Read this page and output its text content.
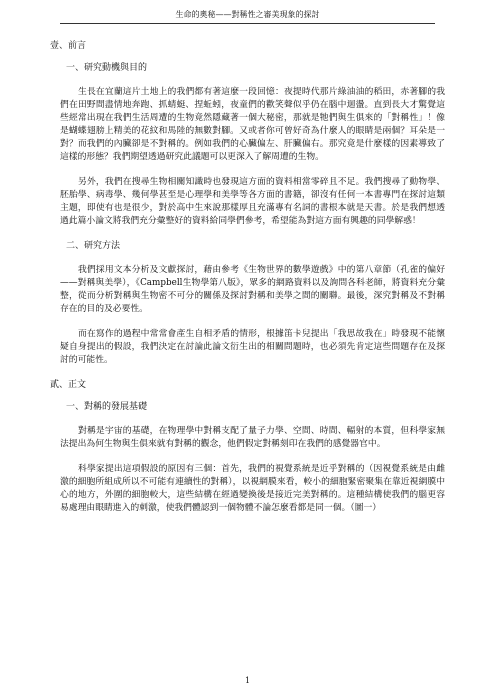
生命的奧秘——對稱性之審美現象的探討

壹、前言

一、研究動機與目的

生長在宜蘭這片土地上的我們都有著這麼一段回憶：夜提時代那片綠油油的稻田，赤著腳的我們在田野間盡情地奔跑、抓蜻蜓、捏蚯蚓，夜童們的歡笑聲似乎仍在腦中迴盪。直到長大才驚覺這些經常出現在我們生活周遭的生物竟然隱藏著一個大秘密，那就是牠們與生俱來的「對稱性」！像是蝴蝶翅膀上精美的花紋和馬陸的無數對腳。又或者你可曾好奇為什麼人的眼睛是兩個？耳朵是一對？而我們的內臟卻是不對稱的。例如我們的心臟偏左、肝臟偏右。那究竟是什麼樣的因素導致了這樣的形態？我們期望透過研究此議題可以更深入了解周遭的生物。

另外，我們在搜尋生物相關知識時也發現這方面的資料相當零碎且不足。我們搜尋了動物學、胚胎學、病毒學、幾何學甚至是心理學和美學等各方面的書籍，卻沒有任何一本書專門在探討這類主題，即使有也是很少，對於高中生來說那樣厚且充滿專有名詞的書根本就是天書。於是我們想透過此篇小論文將我們充分彙整好的資料給同學們參考，希望能為對這方面有興趣的同學解惑！

二、研究方法

我們採用文本分析及文獻探討，藉由參考《生物世界的數學遊戲》中的第八章節（孔雀的偏好——對稱與美學），《Campbell生物學第八版》，眾多的網路資料以及詢問各科老師，將資料充分彙整，從而分析對稱與生物密不可分的關係及探討對稱和美學之間的關聯。最後，深究對稱及不對稱存在的目的及必要性。

而在寫作的過程中常常會產生自相矛盾的情形，根據笛卡兒提出「我思故我在」時發現不能懷疑自身提出的假設，我們決定在討論此論文衍生出的相關問題時，也必須先肯定這些問題存在及探討的可能性。

貳、正文

一、對稱的發展基礎

對稱是宇宙的基礎，在物理學中對稱支配了量子力學、空間、時間、輻射的本質，但科學家無法提出為何生物與生俱來就有對稱的觀念，他們假定對稱刻印在我們的感覺器官中。

科學家提出這項假設的原因有三個：首先，我們的視覺系統是近乎對稱的（因視覺系統是由雌激的細胞所組成所以不可能有連續性的對稱），以視網膜來看，較小的細胞緊密聚集在靠近視網膜中心的地方，外圍的細胞較大，這些結構在經過變換後是接近完美對稱的。這種結構使我們的腦更容易處理由眼睛進入的刺激，使我們體認到一個物體不論怎麼看都是同一個。（圖一）

1
